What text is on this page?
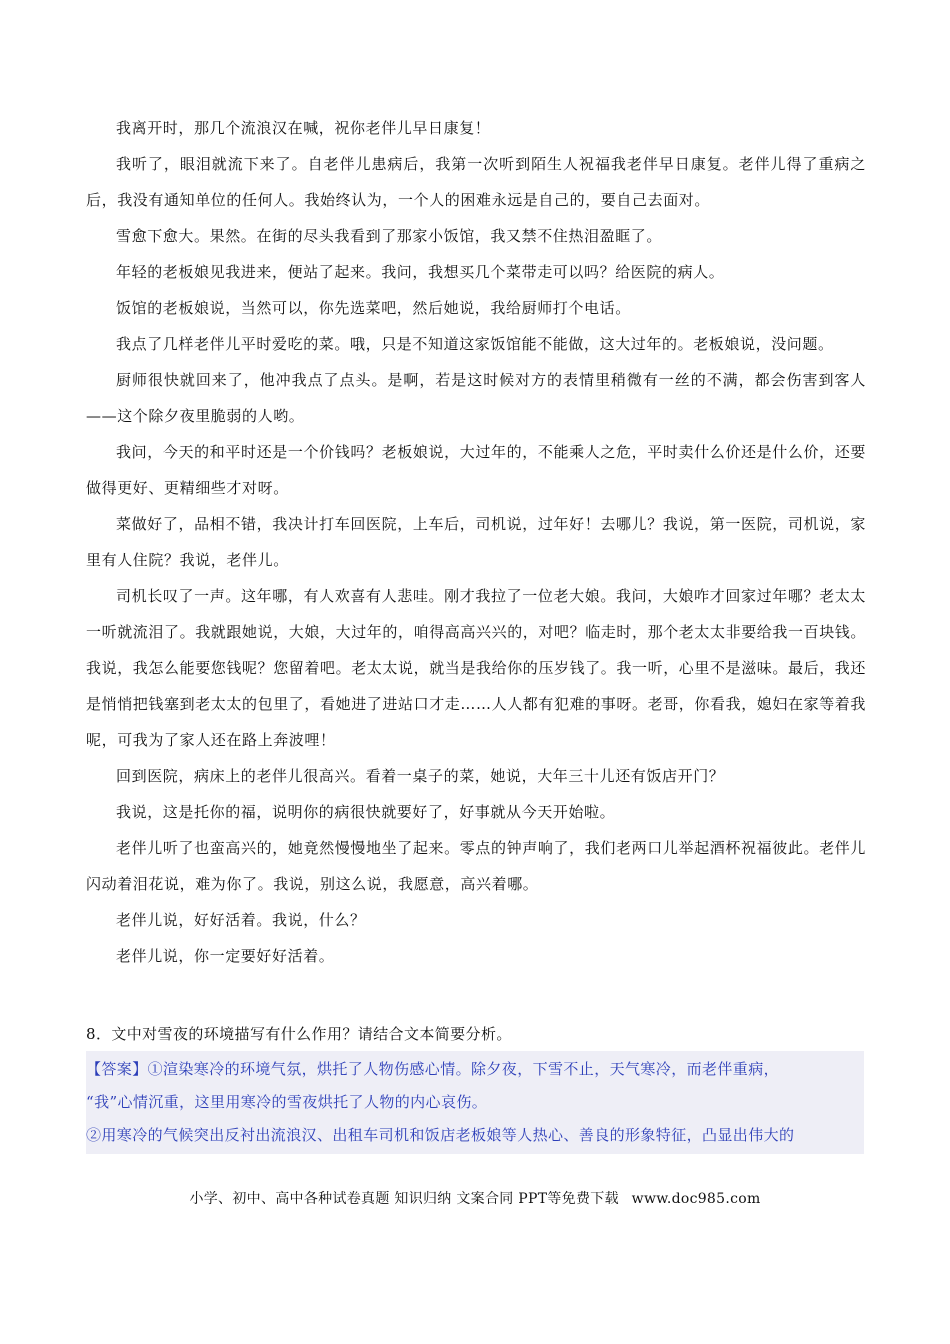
我离开时，那几个流浪汉在喊，祝你老伴儿早日康复！

我听了，眼泪就流下来了。自老伴儿患病后，我第一次听到陌生人祝福我老伴早日康复。老伴儿得了重病之后，我没有通知单位的任何人。我始终认为，一个人的困难永远是自己的，要自己去面对。

雪愈下愈大。果然。在街的尽头我看到了那家小饭馆，我又禁不住热泪盈眶了。

年轻的老板娘见我进来，便站了起来。我问，我想买几个菜带走可以吗？给医院的病人。

饭馆的老板娘说，当然可以，你先选菜吧，然后她说，我给厨师打个电话。

我点了几样老伴儿平时爱吃的菜。哦，只是不知道这家饭馆能不能做，这大过年的。老板娘说，没问题。

厨师很快就回来了，他冲我点了点头。是啊，若是这时候对方的表情里稍微有一丝的不满，都会伤害到客人——这个除夕夜里脆弱的人哟。

我问，今天的和平时还是一个价钱吗？老板娘说，大过年的，不能乘人之危，平时卖什么价还是什么价，还要做得更好、更精细些才对呀。

菜做好了，品相不错，我决计打车回医院，上车后，司机说，过年好！去哪儿？我说，第一医院，司机说，家里有人住院？我说，老伴儿。

司机长叹了一声。这年哪，有人欢喜有人悲哇。刚才我拉了一位老大娘。我问，大娘咋才回家过年哪？老太太一听就流泪了。我就跟她说，大娘，大过年的，咱得高高兴兴的，对吧？临走时，那个老太太非要给我一百块钱。我说，我怎么能要您钱呢？您留着吧。老太太说，就当是我给你的压岁钱了。我一听，心里不是滋味。最后，我还是悄悄把钱塞到老太太的包里了，看她进了进站口才走……人人都有犯难的事呀。老哥，你看我，媳妇在家等着我呢，可我为了家人还在路上奔波哩！

回到医院，病床上的老伴儿很高兴。看着一桌子的菜，她说，大年三十儿还有饭店开门？

我说，这是托你的福，说明你的病很快就要好了，好事就从今天开始啦。

老伴儿听了也蛮高兴的，她竟然慢慢地坐了起来。零点的钟声响了，我们老两口儿举起酒杯祝福彼此。老伴儿闪动着泪花说，难为你了。我说，别这么说，我愿意，高兴着哪。

老伴儿说，好好活着。我说，什么？

老伴儿说，你一定要好好活着。

8．文中对雪夜的环境描写有什么作用？请结合文本简要分析。

【答案】①渲染寒冷的环境气氛，烘托了人物伤感心情。除夕夜，下雪不止，天气寒冷，而老伴重病，

“我”心情沉重，这里用寒冷的雪夜烘托了人物的内心哀伤。

②用寒冷的气候突出反衬出流浪汉、出租车司机和饭店老板娘等人热心、善良的形象特征，凸显出伟大的

小学、初中、高中各种试卷真题 知识归纳 文案合同 PPT等免费下载 www.doc985.com
